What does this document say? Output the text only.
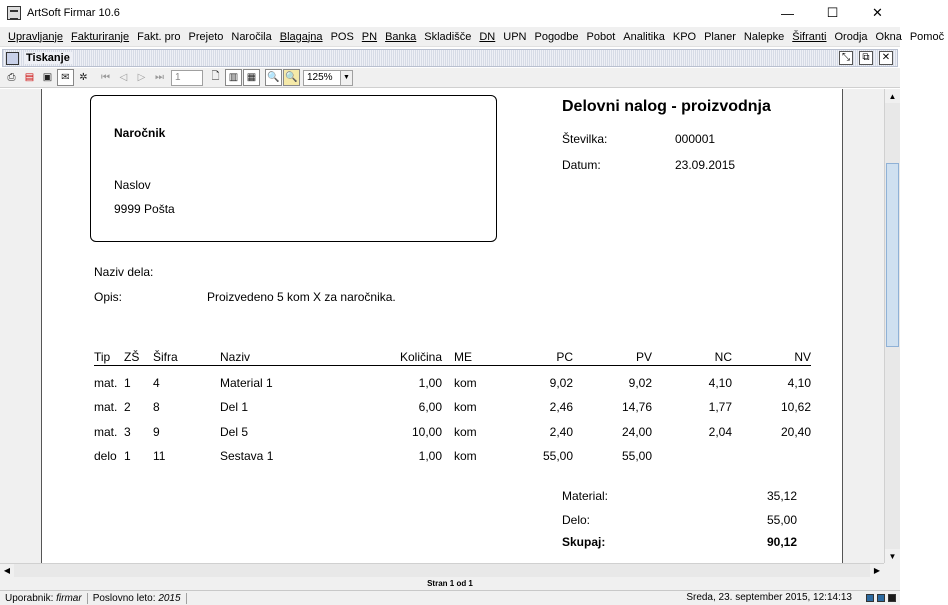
ArtSoft Firmar 10.6	—	☐	✕
Upravljanje Fakturiranje Fakt. pro Prejeto Naročila Blagajna POS PN Banka Skladišče DN UPN Pogodbe Pobot Analitika KPO Planer Nalepke Šifranti Orodja Okna Pomoč
Tiskanje	⤡	⧉	✕
⎙ ▤ ▣ ✉ ✲	⏮ ◁	▷ ⏭	1	🗋 ▥ ▦	🔍 🔍 125%	▼
Naročnik
Naslov
9999 Pošta
Delovni nalog - proizvodnja
Številka:	000001
Datum:	23.09.2015
Naziv dela:
Opis:	Proizvedeno 5 kom X za naročnika.
Tip	ZŠ	Šifra	Naziv	Količina ME	PC	PV	NC	NV
mat. 1	4	Material 1	1,00 kom	9,02	9,02	4,10	4,10
mat. 2	8	Del 1	6,00 kom	2,46	14,76	1,77	10,62
mat. 3	9	Del 5	10,00 kom	2,40	24,00	2,04	20,40
delo 1	11	Sestava 1	1,00 kom	55,00	55,00
Material:	35,12
Delo:	55,00
Skupaj:	90,12
▲
▼
◀	▶
Stran 1 od 1
Uporabnik: firmar	Poslovno leto: 2015	Sreda, 23. september 2015, 12:14:13
